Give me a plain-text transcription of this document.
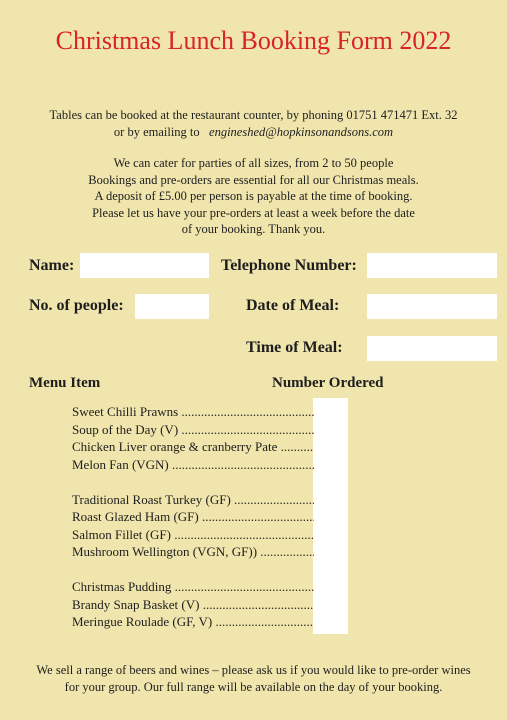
Christmas Lunch Booking Form 2022
Tables can be booked at the restaurant counter, by phoning 01751 471471 Ext. 32
or by emailing to engineshed@hopkinsonandsons.com
We can cater for parties of all sizes, from 2 to 50 people
Bookings and pre-orders are essential for all our Christmas meals.
A deposit of £5.00 per person is payable at the time of booking.
Please let us have your pre-orders at least a week before the date
of your booking. Thank you.
Name:	Telephone Number:
No. of people:	Date of Meal:
Time of Meal:
Menu Item	Number Ordered
Sweet Chilli Prawns .....
Soup of the Day (V) .....
Chicken Liver orange & cranberry Pate .....
Melon Fan (VGN) .....
Traditional Roast Turkey (GF) .....
Roast Glazed Ham (GF) .....
Salmon Fillet (GF) .....
Mushroom Wellington (VGN, GF)) .....
Christmas Pudding .....
Brandy Snap Basket (V) .....
Meringue Roulade (GF, V) .....
We sell a range of beers and wines – please ask us if you would like to pre-order wines
for your group. Our full range will be available on the day of your booking.
